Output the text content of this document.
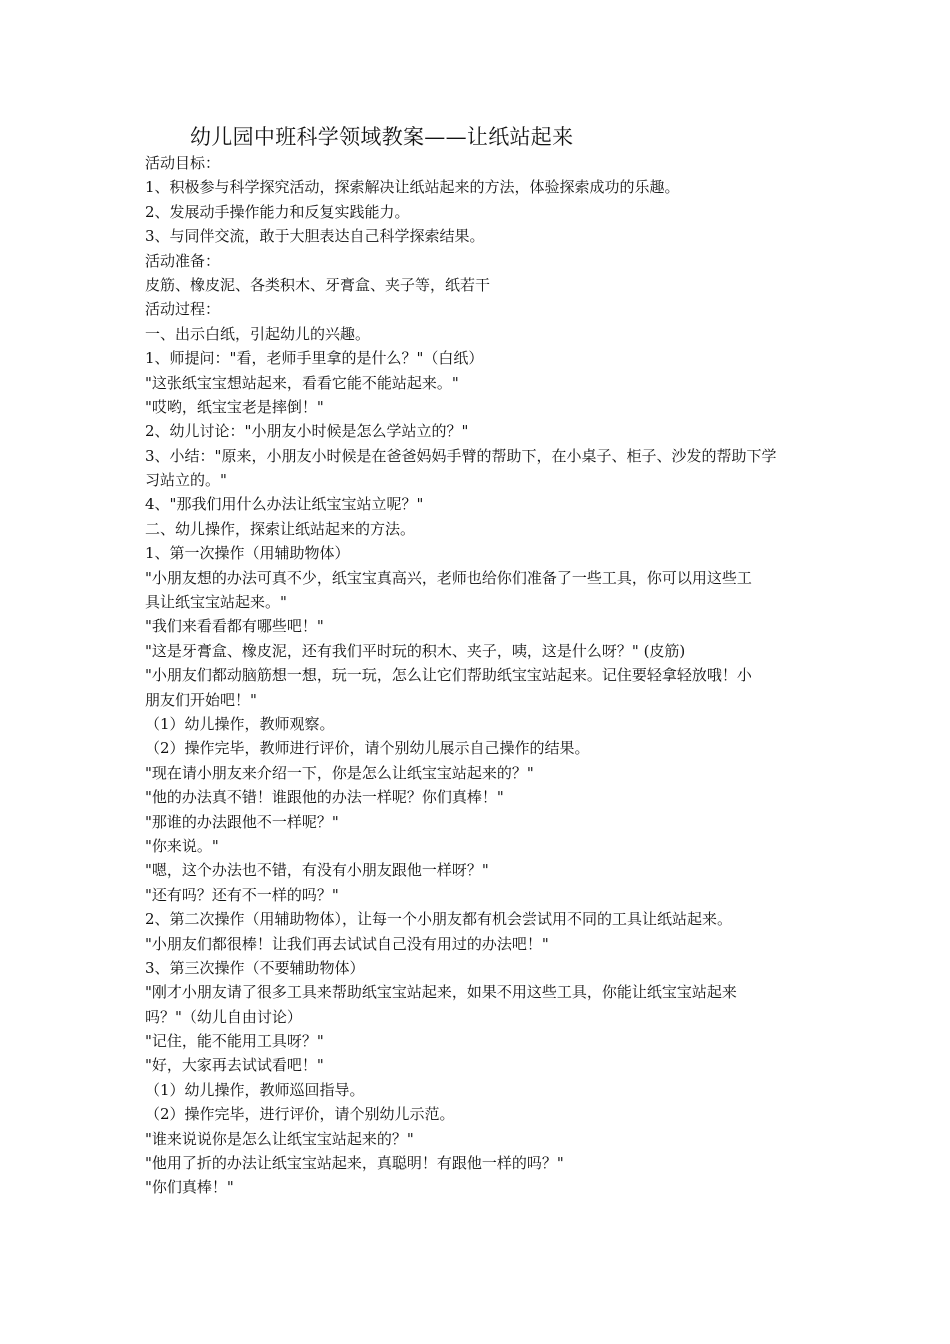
幼儿园中班科学领域教案——让纸站起来
活动目标：
1、积极参与科学探究活动，探索解决让纸站起来的方法，体验探索成功的乐趣。
2、发展动手操作能力和反复实践能力。
3、与同伴交流，敢于大胆表达自己科学探索结果。
活动准备：
皮筋、橡皮泥、各类积木、牙膏盒、夹子等，纸若干
活动过程：
一、出示白纸，引起幼儿的兴趣。
1、师提问："看，老师手里拿的是什么？"（白纸）
"这张纸宝宝想站起来，看看它能不能站起来。"
"哎哟，纸宝宝老是摔倒！"
2、幼儿讨论："小朋友小时候是怎么学站立的？"
3、小结："原来，小朋友小时候是在爸爸妈妈手臂的帮助下，在小桌子、柜子、沙发的帮助下学
习站立的。"
4、"那我们用什么办法让纸宝宝站立呢？"
二、幼儿操作，探索让纸站起来的方法。
1、第一次操作（用辅助物体）
"小朋友想的办法可真不少，纸宝宝真高兴，老师也给你们准备了一些工具，你可以用这些工
具让纸宝宝站起来。"
"我们来看看都有哪些吧！"
"这是牙膏盒、橡皮泥，还有我们平时玩的积木、夹子，咦，这是什么呀？" (皮筋)
"小朋友们都动脑筋想一想，玩一玩，怎么让它们帮助纸宝宝站起来。记住要轻拿轻放哦！小
朋友们开始吧！"
（1）幼儿操作，教师观察。
（2）操作完毕，教师进行评价，请个别幼儿展示自己操作的结果。
"现在请小朋友来介绍一下，你是怎么让纸宝宝站起来的？"
"他的办法真不错！谁跟他的办法一样呢？你们真棒！"
"那谁的办法跟他不一样呢？"
"你来说。"
"嗯，这个办法也不错，有没有小朋友跟他一样呀？"
"还有吗？还有不一样的吗？"
2、第二次操作（用辅助物体），让每一个小朋友都有机会尝试用不同的工具让纸站起来。
"小朋友们都很棒！让我们再去试试自己没有用过的办法吧！"
3、第三次操作（不要辅助物体）
"刚才小朋友请了很多工具来帮助纸宝宝站起来，如果不用这些工具，你能让纸宝宝站起来
吗？"（幼儿自由讨论）
"记住，能不能用工具呀？"
"好，大家再去试试看吧！"
（1）幼儿操作，教师巡回指导。
（2）操作完毕，进行评价，请个别幼儿示范。
"谁来说说你是怎么让纸宝宝站起来的？"
"他用了折的办法让纸宝宝站起来，真聪明！有跟他一样的吗？"
"你们真棒！"
